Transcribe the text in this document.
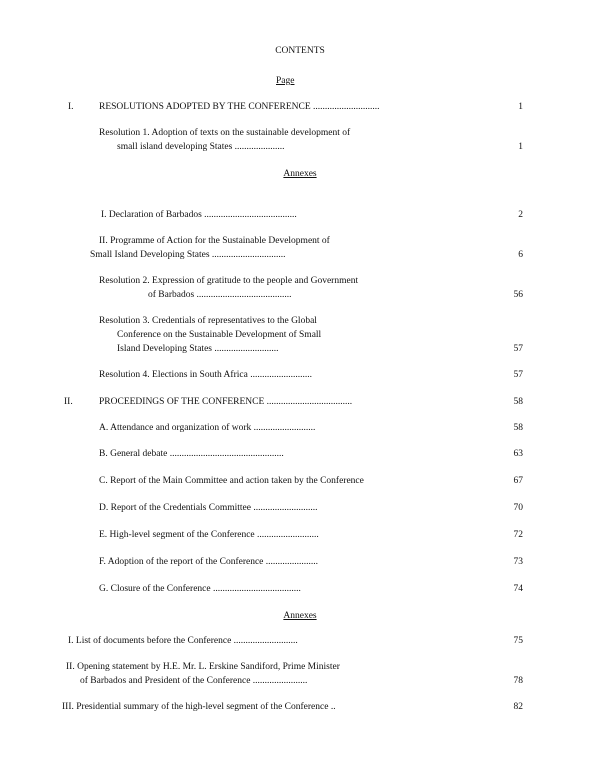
CONTENTS
Page
I.	RESOLUTIONS ADOPTED BY THE CONFERENCE ............................	1
Resolution 1. Adoption of texts on the sustainable development of
small island developing States .....................	1
Annexes
I. Declaration of Barbados .......................................	2
II. Programme of Action for the Sustainable Development of
Small Island Developing States ...............................	6
Resolution 2. Expression of gratitude to the people and Government
of Barbados ........................................	56
Resolution 3. Credentials of representatives to the Global
Conference on the Sustainable Development of Small
Island Developing States ...........................	57
Resolution 4. Elections in South Africa ..........................	57
II.	PROCEEDINGS OF THE CONFERENCE ....................................	58
A. Attendance and organization of work ..........................	58
B. General debate ................................................	63
C. Report of the Main Committee and action taken by the Conference	67
D. Report of the Credentials Committee ...........................	70
E. High-level segment of the Conference ..........................	72
F. Adoption of the report of the Conference ......................	73
G. Closure of the Conference .....................................	74
Annexes
I. List of documents before the Conference ...........................	75
II. Opening statement by H.E. Mr. L. Erskine Sandiford, Prime Minister
of Barbados and President of the Conference .......................	78
III. Presidential summary of the high-level segment of the Conference ..	82
